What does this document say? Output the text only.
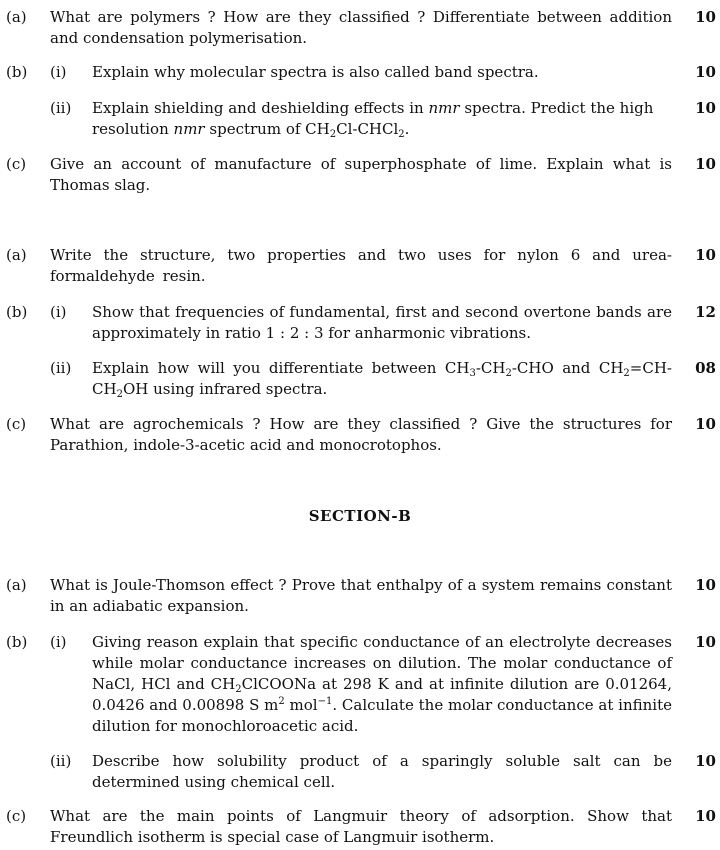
(a) What are polymers ? How are they classified ? Differentiate between addition and condensation polymerisation.
10
(b) (i) Explain why molecular spectra is also called band spectra.	10
(ii) Explain shielding and deshielding effects in nmr spectra. Predict the high resolution nmr spectrum of $CH_2Cl-CHCl_2$.
10
(c) Give an account of manufacture of superphosphate of lime. Explain what is Thomas slag.
10
(a) Write the structure, two properties and two uses for nylon 6 and urea-formaldehyde resin.
10
(b) (i) Show that frequencies of fundamental, first and second overtone bands are approximately in ratio 1 : 2 : 3 for anharmonic vibrations.
12
(ii) Explain how will you differentiate between $CH_3-CH_2$-CHO and $CH_2=CH-CH_2OH$ using infrared spectra.
08
(c) What are agrochemicals ? How are they classified ? Give the structures for Parathion, indole-3-acetic acid and monocrotophos.
10
SECTION-B
(a) What is Joule-Thomson effect ? Prove that enthalpy of a system remains constant in an adiabatic expansion.
10
(b) (i) Giving reason explain that specific conductance of an electrolyte decreases while molar conductance increases on dilution. The molar conductance of NaCl, HCl and $CH_2ClCOONa$ at 298 K and at infinite dilution are 0.01264, 0.0426 and 0.00898 S $m^2$ mol$^{-1}$. Calculate the molar conductance at infinite dilution for monochloroacetic acid.
10
(ii) Describe how solubility product of a sparingly soluble salt can be determined using chemical cell.
10
(c) What are the main points of Langmuir theory of adsorption. Show that Freundlich isotherm is special case of Langmuir isotherm.
10
